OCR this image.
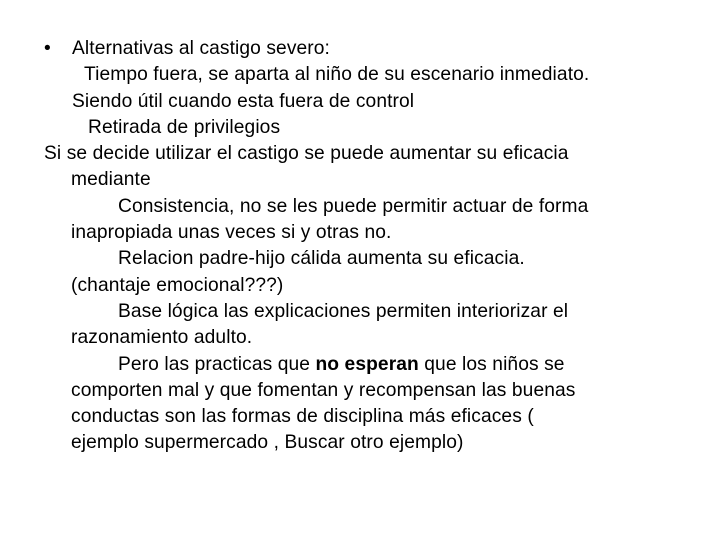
• Alternativas al castigo severo:
Tiempo fuera, se aparta al niño de su escenario inmediato.
Siendo útil cuando esta fuera de control
Retirada de privilegios
Si se decide utilizar el castigo se puede aumentar su eficacia
mediante
Consistencia, no se les puede permitir actuar de forma
inapropiada unas veces si y otras no.
Relacion padre-hijo cálida aumenta su eficacia.
(chantaje emocional???)
Base lógica las explicaciones permiten interiorizar el
razonamiento adulto.
Pero las practicas que no esperan que los niños se
comporten mal y que fomentan y recompensan las buenas
conductas son las formas de disciplina más eficaces (
ejemplo supermercado , Buscar otro ejemplo)
